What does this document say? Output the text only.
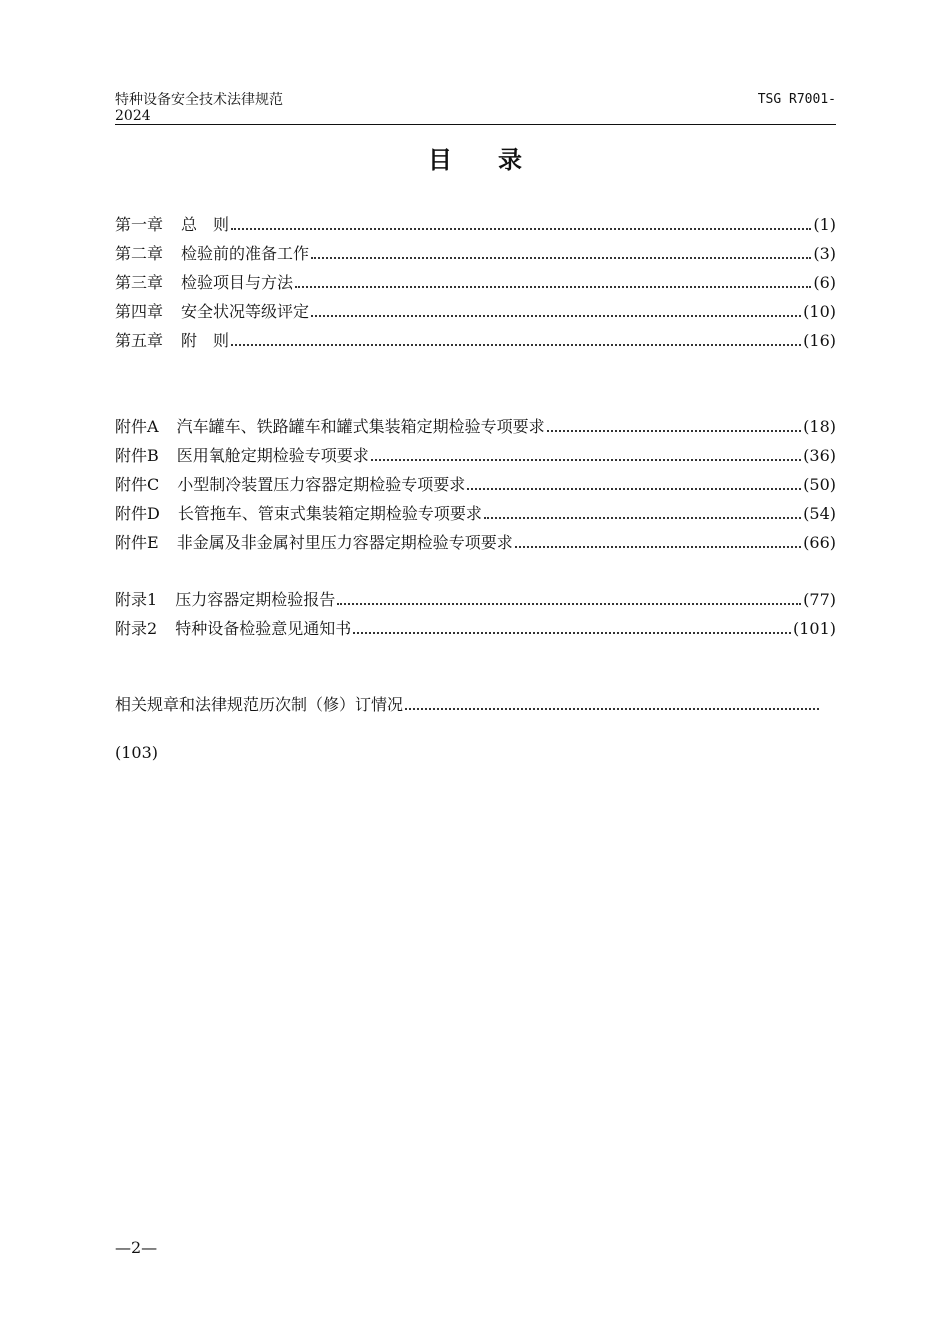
特种设备安全技术法律规范
2024
TSG R7001-
目 录
第一章 总　则	(1)
第二章 检验前的准备工作	(3)
第三章 检验项目与方法	(6)
第四章 安全状况等级评定	(10)
第五章 附　则	(16)
附件A 汽车罐车、铁路罐车和罐式集装箱定期检验专项要求	(18)
附件B 医用氧舱定期检验专项要求	(36)
附件C 小型制冷装置压力容器定期检验专项要求	(50)
附件D 长管拖车、管束式集装箱定期检验专项要求	(54)
附件E 非金属及非金属衬里压力容器定期检验专项要求	(66)
附录1 压力容器定期检验报告	(77)
附录2 特种设备检验意见通知书	(101)
相关规章和法律规范历次制（修）订情况
(103)
—2—
